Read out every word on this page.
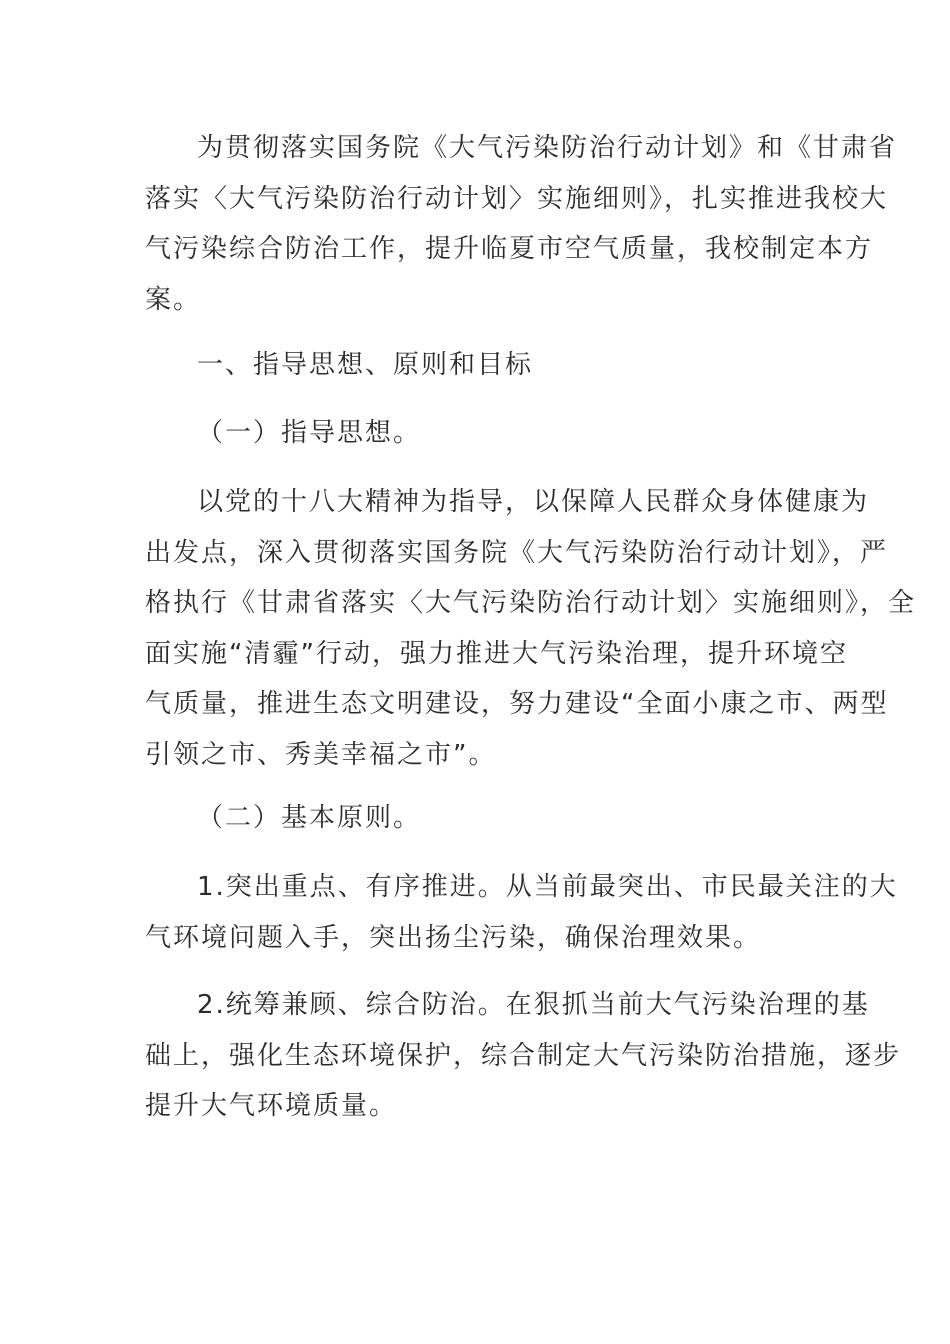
为贯彻落实国务院《大气污染防治行动计划》和《甘肃省
落实〈大气污染防治行动计划〉实施细则》，扎实推进我校大
气污染综合防治工作，提升临夏市空气质量，我校制定本方
案。
一、指导思想、原则和目标
（一）指导思想。
以党的十八大精神为指导，以保障人民群众身体健康为
出发点，深入贯彻落实国务院《大气污染防治行动计划》，严
格执行《甘肃省落实〈大气污染防治行动计划〉实施细则》，全
面实施“清霾”行动，强力推进大气污染治理，提升环境空
气质量，推进生态文明建设，努力建设“全面小康之市、两型
引领之市、秀美幸福之市”。
（二）基本原则。
1.突出重点、有序推进。从当前最突出、市民最关注的大
气环境问题入手，突出扬尘污染，确保治理效果。
2.统筹兼顾、综合防治。在狠抓当前大气污染治理的基
础上，强化生态环境保护，综合制定大气污染防治措施，逐步
提升大气环境质量。
